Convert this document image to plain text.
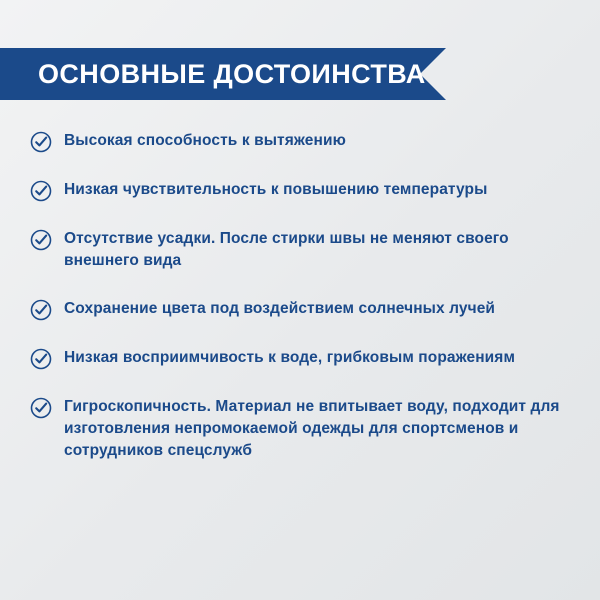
ОСНОВНЫЕ ДОСТОИНСТВА
Высокая способность к вытяжению
Низкая чувствительность к повышению температуры
Отсутствие усадки. После стирки швы не меняют своего внешнего вида
Сохранение цвета под воздействием солнечных лучей
Низкая восприимчивость к воде, грибковым поражениям
Гигроскопичность. Материал не впитывает воду, подходит для изготовления непромокаемой одежды для спортсменов и сотрудников спецслужб
